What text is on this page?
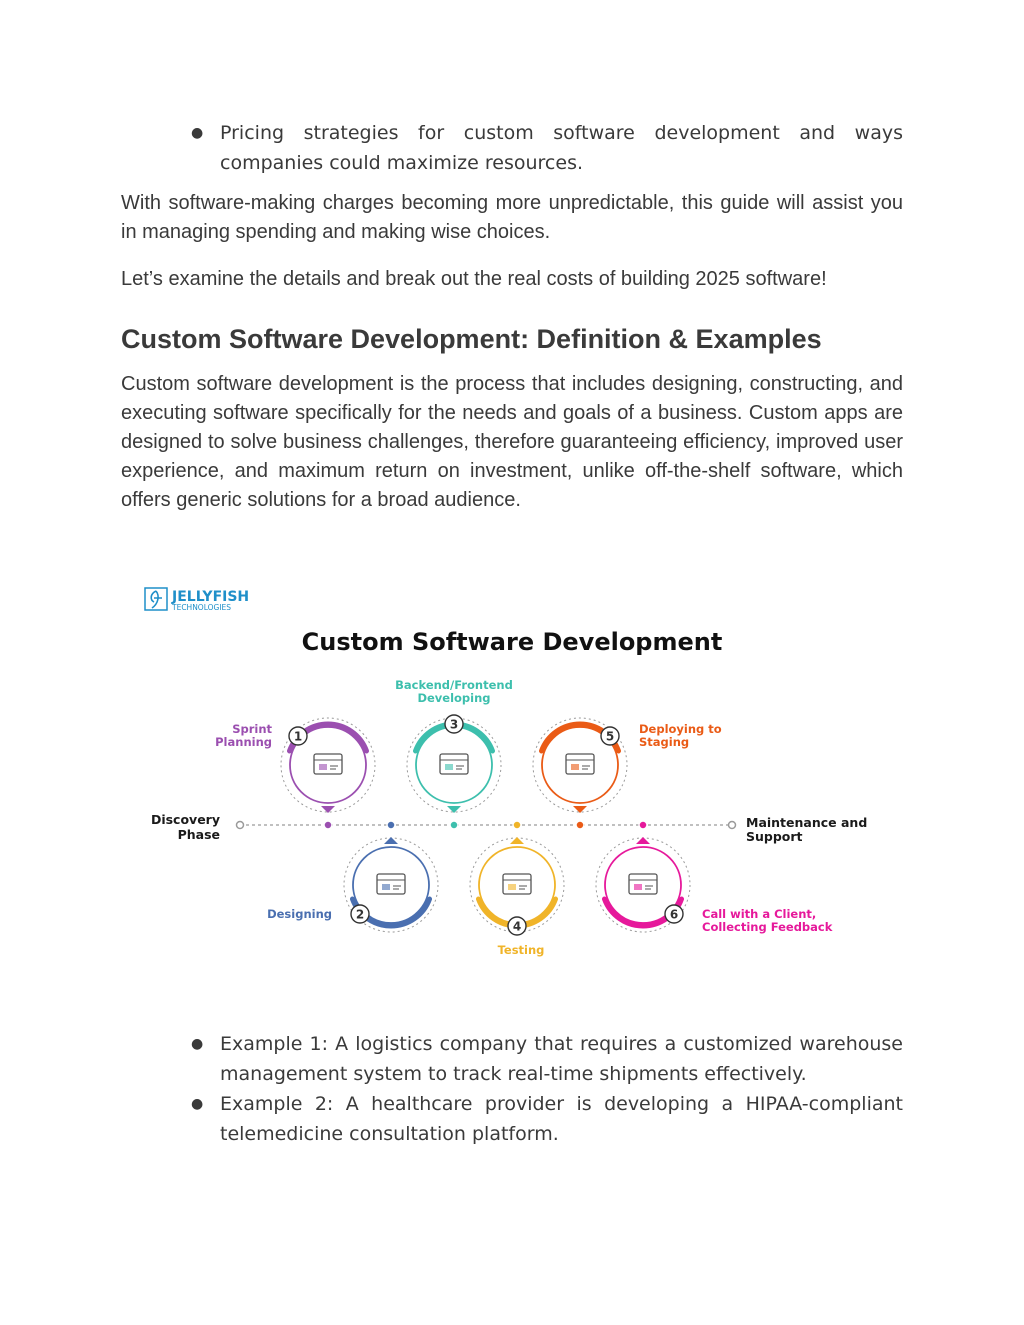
● Pricing strategies for custom software development and ways companies could maximize resources.

With software-making charges becoming more unpredictable, this guide will assist you in managing spending and making wise choices.

Let’s examine the details and break out the real costs of building 2025 software!

Custom Software Development: Definition & Examples

Custom software development is the process that includes designing, constructing, and executing software specifically for the needs and goals of a business. Custom apps are designed to solve business challenges, therefore guaranteeing efficiency, improved user experience, and maximum return on investment, unlike off-the-shelf software, which offers generic solutions for a broad audience.

JELLYFISH
TECHNOLOGIES
Custom Software Development
Discovery
Phase
Maintenance and
Support
1
Sprint
Planning
2
Designing
3
Backend/Frontend
Developing
4
Testing
5
Deploying to
Staging
6 Call with a Client,
Collecting Feedback
● Example 1: A logistics company that requires a customized warehouse management system to track real-time shipments effectively.
● Example 2: A healthcare provider is developing a HIPAA-compliant telemedicine consultation platform.
